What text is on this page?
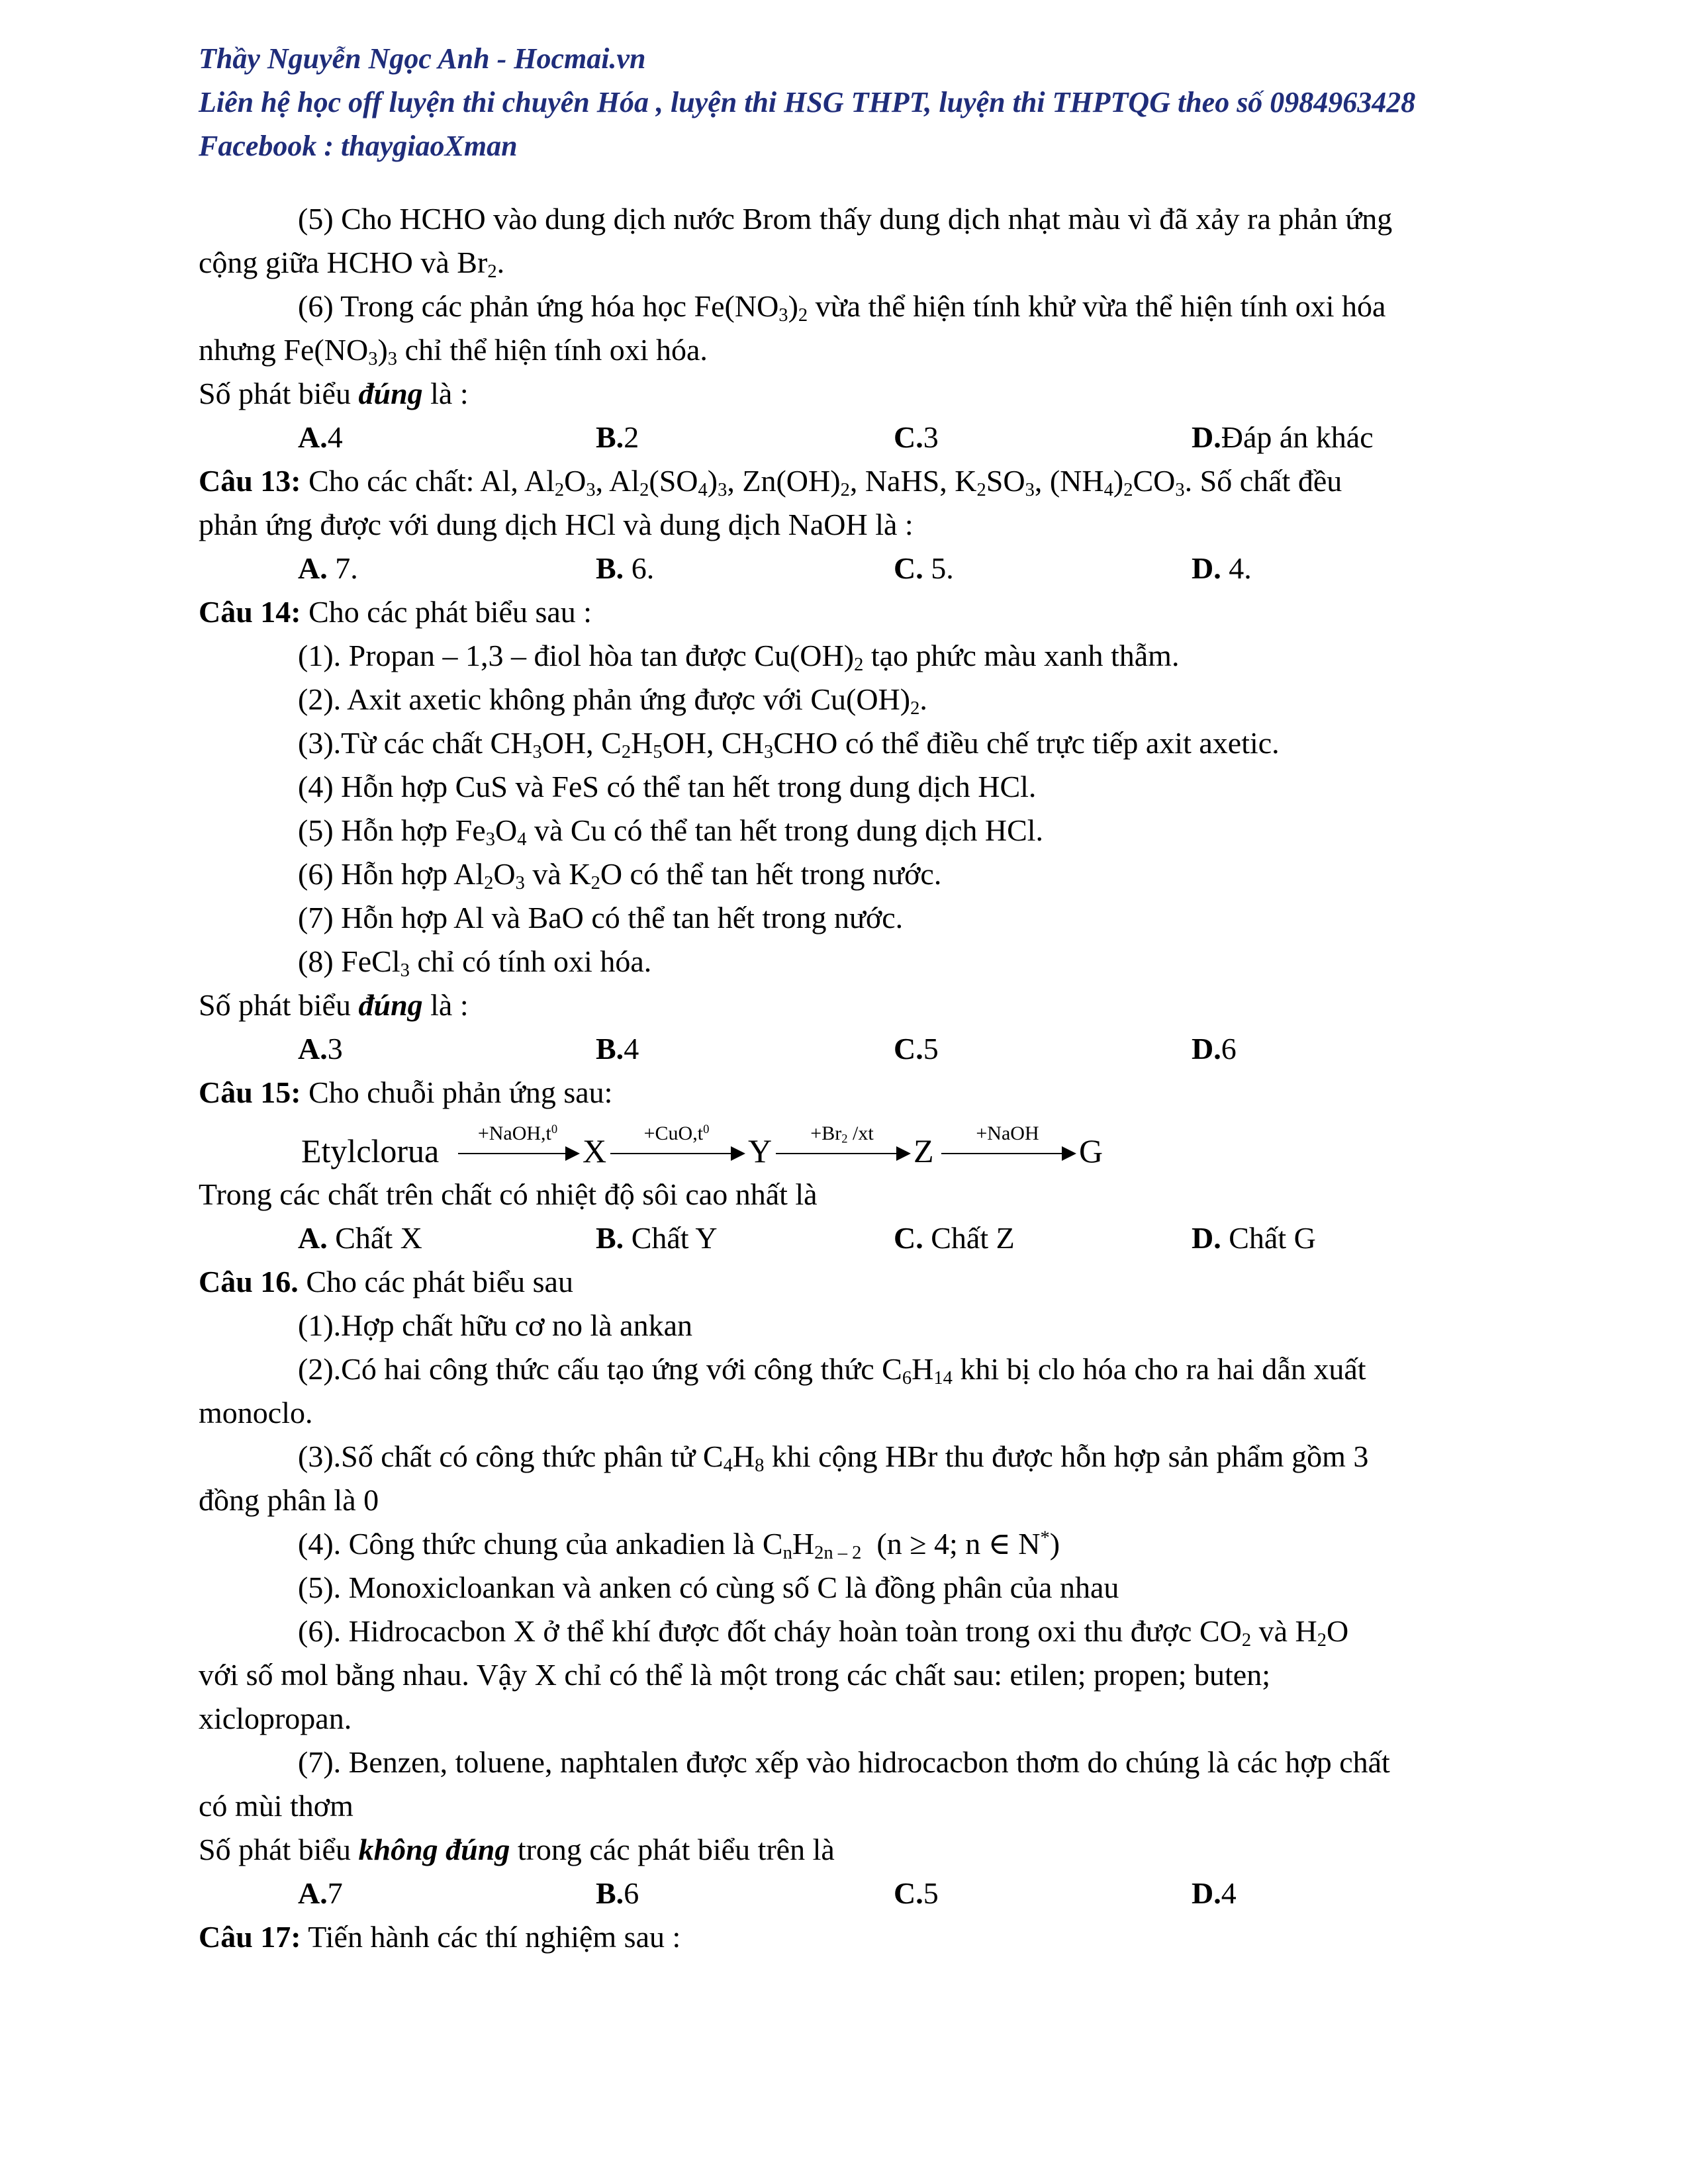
Thầy Nguyễn Ngọc Anh - Hocmai.vn
Liên hệ học off luyện thi chuyên Hóa , luyện thi HSG THPT, luyện thi THPTQG theo số 0984963428
Facebook : thaygiaoXman
(5) Cho HCHO vào dung dịch nước Brom thấy dung dịch nhạt màu vì đã xảy ra phản ứng
cộng giữa HCHO và $Br_2$.
(6) Trong các phản ứng hóa học $Fe(NO_3)_2$ vừa thể hiện tính khử vừa thể hiện tính oxi hóa
nhưng $Fe(NO_3)_3$ chỉ thể hiện tính oxi hóa.
Số phát biểu đúng là :
A.4	B.2	C.3	D.Đáp án khác
Câu 13: Cho các chất: Al, $Al_2O_3$, $Al_2(SO_4)_3$, $Zn(OH)_2$, NaHS, $K_2SO_3$, $(NH_4)_2CO_3$. Số chất đều
phản ứng được với dung dịch HCl và dung dịch NaOH là :
A. 7.	B. 6.	C. 5.	D. 4.
Câu 14: Cho các phát biểu sau :
(1). Propan – 1,3 – điol hòa tan được $Cu(OH)_2$ tạo phức màu xanh thẫm.
(2). Axit axetic không phản ứng được với $Cu(OH)_2$.
(3).Từ các chất $CH_3OH$, $C_2H_5OH$, $CH_3CHO$ có thể điều chế trực tiếp axit axetic.
(4) Hỗn hợp CuS và FeS có thể tan hết trong dung dịch HCl.
(5) Hỗn hợp $Fe_3O_4$ và Cu có thể tan hết trong dung dịch HCl.
(6) Hỗn hợp $Al_2O_3$ và $K_2O$ có thể tan hết trong nước.
(7) Hỗn hợp Al và BaO có thể tan hết trong nước.
(8) FeCl$_3$ chỉ có tính oxi hóa.
Số phát biểu đúng là :
A.3	B.4	C.5	D.6
Câu 15: Cho chuỗi phản ứng sau:
Etylclorua	$+NaOH,t^0$
X	$+CuO,t^0$
Y	$+Br_2$ /xt	Z	+NaOH	G
Trong các chất trên chất có nhiệt độ sôi cao nhất là
A. Chất X	B. Chất Y	C. Chất Z	D. Chất G
Câu 16. Cho các phát biểu sau
(1).Hợp chất hữu cơ no là ankan
(2).Có hai công thức cấu tạo ứng với công thức $C_6H_{14}$ khi bị clo hóa cho ra hai dẫn xuất
monoclo.
(3).Số chất có công thức phân tử $C_4H_8$ khi cộng HBr thu được hỗn hợp sản phẩm gồm 3
đồng phân là 0
(4). Công thức chung của ankadien là $C_nH_{2n - 2}$  (n ≥ 4; n ∈ N*)
(5). Monoxicloankan và anken có cùng số C là đồng phân của nhau
(6). Hidrocacbon X ở thể khí được đốt cháy hoàn toàn trong oxi thu được $CO_2$ và $H_2O$
với số mol bằng nhau. Vậy X chỉ có thể là một trong các chất sau: etilen; propen; buten;
xiclopropan.
(7). Benzen, toluene, naphtalen được xếp vào hidrocacbon thơm do chúng là các hợp chất
có mùi thơm
Số phát biểu không đúng trong các phát biểu trên là
A.7	B.6	C.5	D.4
Câu 17: Tiến hành các thí nghiệm sau :
